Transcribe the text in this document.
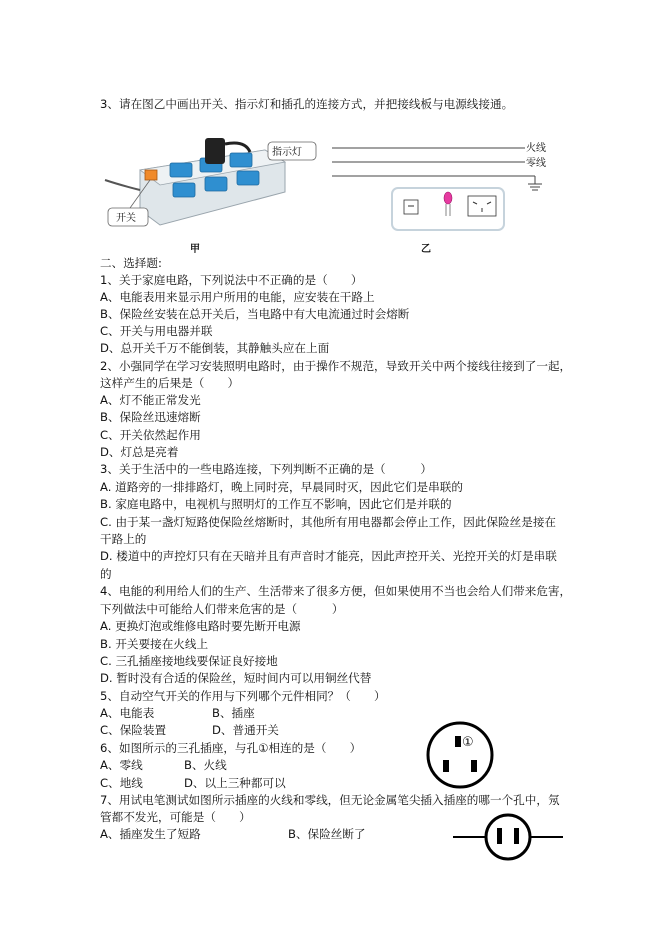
3、请在图乙中画出开关、指示灯和插孔的连接方式，并把接线板与电源线接通。
开关
指示灯
甲
火线
零线
乙
二、选择题:
1、关于家庭电路，下列说法中不正确的是（　　）
A、电能表用来显示用户所用的电能，应安装在干路上
B、保险丝安装在总开关后，当电路中有大电流通过时会熔断
C、开关与用电器并联
D、总开关千万不能倒装，其静触头应在上面
2、小强同学在学习安装照明电路时，由于操作不规范，导致开关中两个接线往接到了一起，
这样产生的后果是（　　）
A、灯不能正常发光
B、保险丝迅速熔断
C、开关依然起作用
D、灯总是亮着
3、关于生活中的一些电路连接，下列判断不正确的是（　　　）
A. 道路旁的一排排路灯，晚上同时亮，早晨同时灭，因此它们是串联的
B. 家庭电路中，电视机与照明灯的工作互不影响，因此它们是并联的
C. 由于某一盏灯短路使保险丝熔断时，其他所有用电器都会停止工作，因此保险丝是接在
干路上的
D. 楼道中的声控灯只有在天暗并且有声音时才能亮，因此声控开关、光控开关的灯是串联
的
4、电能的利用给人们的生产、生活带来了很多方便，但如果使用不当也会给人们带来危害，
下列做法中可能给人们带来危害的是（　　　）
A. 更换灯泡或维修电路时要先断开电源
B. 开关要接在火线上
C. 三孔插座接地线要保证良好接地
D. 暂时没有合适的保险丝，短时间内可以用铜丝代替
5、自动空气开关的作用与下列哪个元件相同？（　　）
A、电能表	B、插座
C、保险装置	D、普通开关
6、如图所示的三孔插座，与孔①相连的是（　　）
A、零线	B、火线
C、地线	D、以上三种都可以
①
7、用试电笔测试如图所示插座的火线和零线，但无论金属笔尖插入插座的哪一个孔中，氖
管都不发光，可能是（　　）
A、插座发生了短路	B、保险丝断了
